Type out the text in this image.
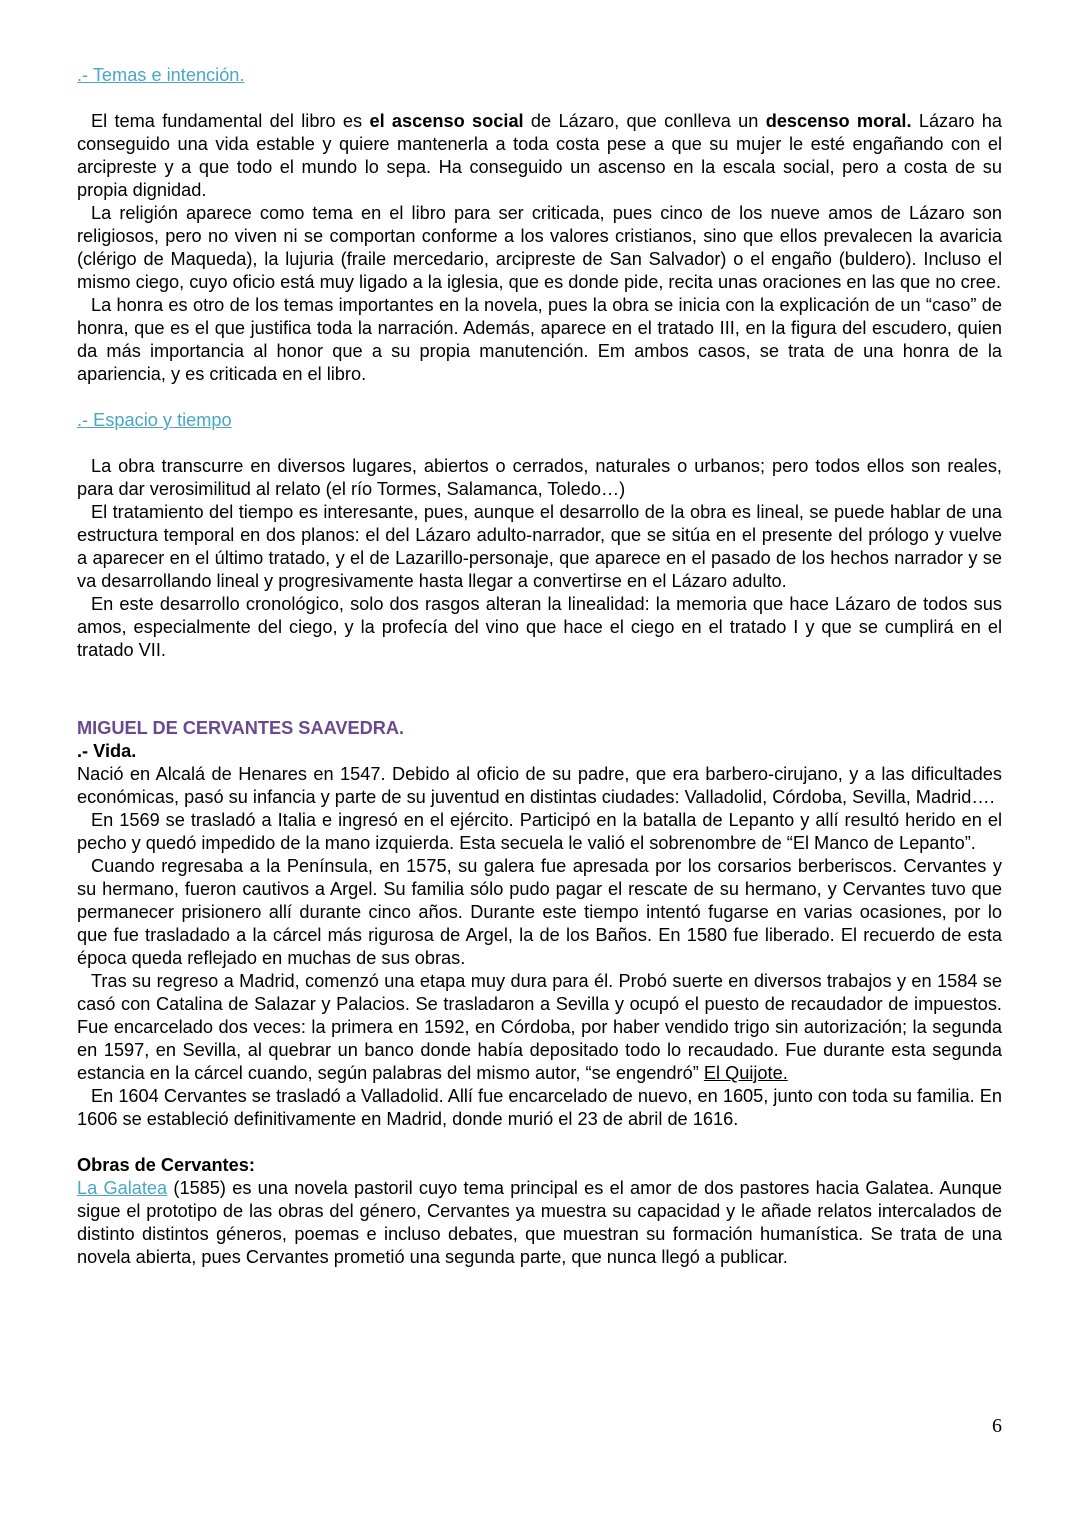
.- Temas e intención.

El tema fundamental del libro es el ascenso social de Lázaro, que conlleva un descenso moral. Lázaro ha conseguido una vida estable y quiere mantenerla a toda costa pese a que su mujer le esté engañando con el arcipreste y a que todo el mundo lo sepa. Ha conseguido un ascenso en la escala social, pero a costa de su propia dignidad.

La religión aparece como tema en el libro para ser criticada, pues cinco de los nueve amos de Lázaro son religiosos, pero no viven ni se comportan conforme a los valores cristianos, sino que ellos prevalecen la avaricia (clérigo de Maqueda), la lujuria (fraile mercedario, arcipreste de San Salvador) o el engaño (buldero). Incluso el mismo ciego, cuyo oficio está muy ligado a la iglesia, que es donde pide, recita unas oraciones en las que no cree.

La honra es otro de los temas importantes en la novela, pues la obra se inicia con la explicación de un “caso” de honra, que es el que justifica toda la narración. Además, aparece en el tratado III, en la figura del escudero, quien da más importancia al honor que a su propia manutención. Em ambos casos, se trata de una honra de la apariencia, y es criticada en el libro.

.- Espacio y tiempo

La obra transcurre en diversos lugares, abiertos o cerrados, naturales o urbanos; pero todos ellos son reales, para dar verosimilitud al relato (el río Tormes, Salamanca, Toledo…)

El tratamiento del tiempo es interesante, pues, aunque el desarrollo de la obra es lineal, se puede hablar de una estructura temporal en dos planos: el del Lázaro adulto-narrador, que se sitúa en el presente del prólogo y vuelve a aparecer en el último tratado, y el de Lazarillo-personaje, que aparece en el pasado de los hechos narrador y se va desarrollando lineal y progresivamente hasta llegar a convertirse en el Lázaro adulto.

En este desarrollo cronológico, solo dos rasgos alteran la linealidad: la memoria que hace Lázaro de todos sus amos, especialmente del ciego, y la profecía del vino que hace el ciego en el tratado I y que se cumplirá en el tratado VII.

MIGUEL DE CERVANTES SAAVEDRA.
.- Vida.

Nació en Alcalá de Henares en 1547. Debido al oficio de su padre, que era barbero-cirujano, y a las dificultades económicas, pasó su infancia y parte de su juventud en distintas ciudades: Valladolid, Córdoba, Sevilla, Madrid….

En 1569 se trasladó a Italia e ingresó en el ejército. Participó en la batalla de Lepanto y allí resultó herido en el pecho y quedó impedido de la mano izquierda. Esta secuela le valió el sobrenombre de “El Manco de Lepanto”.

Cuando regresaba a la Península, en 1575, su galera fue apresada por los corsarios berberiscos. Cervantes y su hermano, fueron cautivos a Argel. Su familia sólo pudo pagar el rescate de su hermano, y Cervantes tuvo que permanecer prisionero allí durante cinco años. Durante este tiempo intentó fugarse en varias ocasiones, por lo que fue trasladado a la cárcel más rigurosa de Argel, la de los Baños. En 1580 fue liberado. El recuerdo de esta época queda reflejado en muchas de sus obras.

Tras su regreso a Madrid, comenzó una etapa muy dura para él. Probó suerte en diversos trabajos y en 1584 se casó con Catalina de Salazar y Palacios. Se trasladaron a Sevilla y ocupó el puesto de recaudador de impuestos. Fue encarcelado dos veces: la primera en 1592, en Córdoba, por haber vendido trigo sin autorización; la segunda en 1597, en Sevilla, al quebrar un banco donde había depositado todo lo recaudado. Fue durante esta segunda estancia en la cárcel cuando, según palabras del mismo autor, “se engendró” El Quijote.

En 1604 Cervantes se trasladó a Valladolid. Allí fue encarcelado de nuevo, en 1605, junto con toda su familia. En 1606 se estableció definitivamente en Madrid, donde murió el 23 de abril de 1616.

Obras de Cervantes:

La Galatea (1585) es una novela pastoril cuyo tema principal es el amor de dos pastores hacia Galatea. Aunque sigue el prototipo de las obras del género, Cervantes ya muestra su capacidad y le añade relatos intercalados de distinto distintos géneros, poemas e incluso debates, que muestran su formación humanística. Se trata de una novela abierta, pues Cervantes prometió una segunda parte, que nunca llegó a publicar.

6
